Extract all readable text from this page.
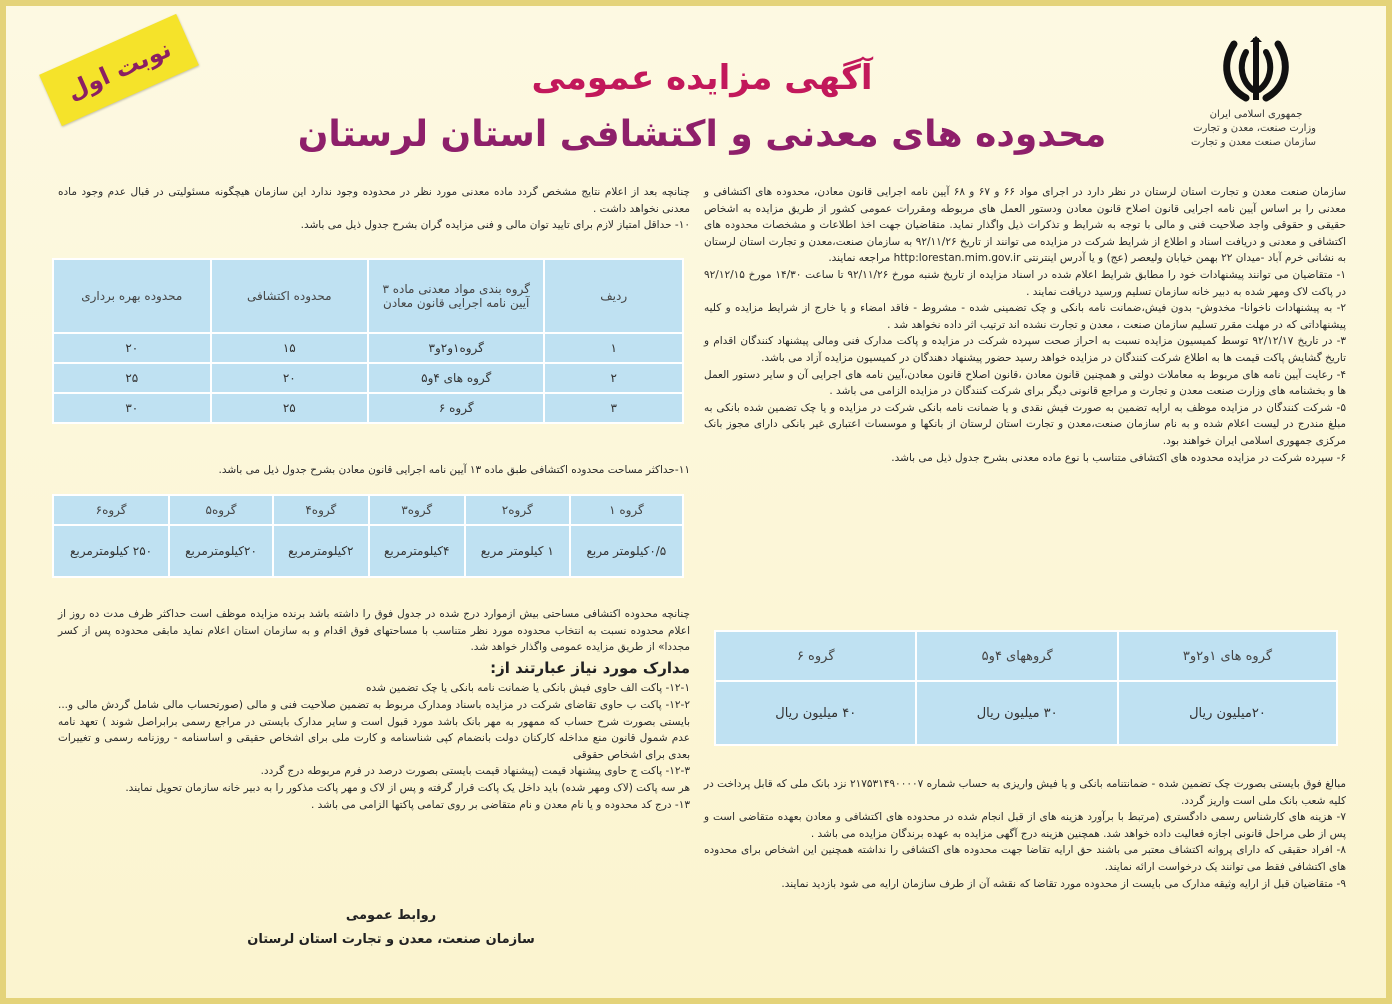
جمهوری اسلامی ایران
وزارت صنعت، معدن و تجارت
سازمان صنعت معدن و تجارت
نوبت اول	آگهی مزایده عمومی
محدوده های معدنی و اکتشافی استان لرستان

سازمان صنعت معدن و تجارت استان لرستان در نظر دارد در اجرای مواد ۶۶ و ۶۷ و ۶۸ آیین نامه اجرایی قانون معادن، محدوده های اکتشافی و معدنی را بر اساس آیین نامه اجرایی قانون اصلاح قانون معادن ودستور العمل های مربوطه ومقررات عمومی کشور از طریق مزایده به اشخاص حقیقی و حقوقی واجد صلاحیت فنی و مالی با توجه به شرایط و تذکرات ذیل واگذار نماید. متقاضیان جهت اخذ اطلاعات و مشخصات محدوده های اکتشافی و معدنی و دریافت اسناد و اطلاع از شرایط شرکت در مزایده می توانند از تاریخ ۹۲/۱۱/۲۶ به سازمان صنعت،معدن و تجارت استان لرستان به نشانی خرم آباد -میدان ۲۲ بهمن خیابان ولیعصر (عج) و یا آدرس اینترنتی http:lorestan.mim.gov.ir مراجعه نمایند.

۱- متقاضیان می توانند پیشنهادات خود را مطابق شرایط اعلام شده در اسناد مزایده از تاریخ شنبه مورخ ۹۲/۱۱/۲۶ تا ساعت ۱۴/۳۰ مورخ ۹۲/۱۲/۱۵ در پاکت لاک ومهر شده به دبیر خانه سازمان تسلیم ورسید دریافت نمایند .

۲- به پیشنهادات ناخوانا- مخدوش- بدون فیش،ضمانت نامه بانکی و چک تضمینی شده - مشروط - فاقد امضاء و یا خارج از شرایط مزایده و کلیه پیشنهاداتی که در مهلت مقرر تسلیم سازمان صنعت ، معدن و تجارت نشده اند ترتیب اثر داده نخواهد شد .

۳- در تاریخ ۹۲/۱۲/۱۷ توسط کمیسیون مزایده نسبت به احراز صحت سپرده شرکت در مزایده و پاکت مدارک فنی ومالی پیشنهاد کنندگان اقدام و تاریخ گشایش پاکت قیمت ها به اطلاع شرکت کنندگان در مزایده خواهد رسید حضور پیشنهاد دهندگان در کمیسیون مزایده آزاد می باشد.

۴- رعایت آیین نامه های مربوط به معاملات دولتی و همچنین قانون معادن ،قانون اصلاح قانون معادن،آیین نامه های اجرایی آن و سایر دستور العمل ها و بخشنامه های وزارت صنعت معدن و تجارت و مراجع قانونی دیگر برای شرکت کنندگان در مزایده الزامی می باشد .

۵- شرکت کنندگان در مزایده موظف به ارایه تضمین به صورت فیش نقدی و یا ضمانت نامه بانکی شرکت در مزایده و یا چک تضمین شده بانکی به مبلغ مندرج در لیست اعلام شده و به نام سازمان صنعت،معدن و تجارت استان لرستان از بانکها و موسسات اعتباری غیر بانکی دارای مجوز بانک مرکزی جمهوری اسلامی ایران خواهند بود.

۶- سپرده شرکت در مزایده محدوده های اکتشافی متناسب با نوع ماده معدنی بشرح جدول ذیل می باشد.

گروه های ۱و۲و۳	گروههای ۴و۵	گروه ۶
۲۰میلیون ریال	۳۰ میلیون ریال	۴۰ میلیون ریال

مبالغ فوق بایستی بصورت چک تضمین شده - ضمانتنامه بانکی و یا فیش واریزی به حساب شماره ۲۱۷۵۳۱۴۹۰۰۰۰۷ نزد بانک ملی که قابل پرداخت در کلیه شعب بانک ملی است واریز گردد.

۷- هزینه های کارشناس رسمی دادگستری (مرتبط با برآورد هزینه های از قبل انجام شده در محدوده های اکتشافی و معادن بعهده متقاضی است و پس از طی مراحل قانونی اجازه فعالیت داده خواهد شد. همچنین هزینه درج آگهی مزایده به عهده برندگان مزایده می باشد .

۸- افراد حقیقی که دارای پروانه اکتشاف معتبر می باشند حق ارایه تقاضا جهت محدوده های اکتشافی را نداشته همچنین این اشخاص برای محدوده های اکتشافی فقط می توانند یک درخواست ارائه نمایند.

۹- متقاضیان قبل از ارایه وثیقه مدارک می بایست از محدوده مورد تقاضا که نقشه آن از طرف سازمان ارایه می شود بازدید نمایند.

چنانچه بعد از اعلام نتایج مشخص گردد ماده معدنی مورد نظر در محدوده وجود ندارد این سازمان هیچگونه مسئولیتی در قبال عدم وجود ماده معدنی نخواهد داشت .

۱۰- حداقل امتیاز لازم برای تایید توان مالی و فنی مزایده گران بشرح جدول ذیل می باشد.

ردیف	گروه بندی مواد معدنی ماده ۳ آیین نامه اجرایی قانون معادن	محدوده اکتشافی	محدوده بهره برداری
۱	گروه۱و۲و۳	۱۵	۲۰
۲	گروه های ۴و۵	۲۰	۲۵
۳	گروه ۶	۲۵	۳۰

۱۱-حداکثر مساحت محدوده اکتشافی طبق ماده ۱۳ آیین نامه اجرایی قانون معادن بشرح جدول ذیل می باشد.

گروه ۱	گروه۲	گروه۳	گروه۴	گروه۵	گروه۶
۰/۵کیلومتر مربع	۱ کیلومتر مربع	۴کیلومترمربع	۲کیلومترمربع	۲۰کیلومترمربع	۲۵۰ کیلومترمربع

چنانچه محدوده اکتشافی مساحتی بیش ازموارد درج شده در جدول فوق را داشته باشد برنده مزایده موظف است حداکثر ظرف مدت ده روز از اعلام محدوده نسبت به انتخاب محدوده مورد نظر متناسب با مساحتهای فوق اقدام و به سازمان استان اعلام نماید مابقی محدوده پس از کسر مجددا» از طریق مزایده عمومی واگذار خواهد شد.

مدارک مورد نیاز عبارتند از:

۱۲-۱- پاکت الف حاوی فیش بانکی یا ضمانت نامه بانکی یا چک تضمین شده

۱۲-۲- پاکت ب حاوی تقاضای شرکت در مزایده باسناد ومدارک مربوط به تضمین صلاحیت فنی و مالی (صورتحساب مالی شامل گردش مالی و... بایستی بصورت شرح حساب که ممهور به مهر بانک باشد مورد قبول است و سایر مدارک بایستی در مراجع رسمی برابراصل شوند ) تعهد نامه عدم شمول قانون منع مداخله کارکنان دولت بانضمام کپی شناسنامه و کارت ملی برای اشخاص حقیقی و اساسنامه - روزنامه رسمی و تغییرات بعدی برای اشخاص حقوقی

۱۲-۳- پاکت ج حاوی پیشنهاد قیمت (پیشنهاد قیمت بایستی بصورت درصد در فرم مربوطه درج گردد.

هر سه پاکت (لاک ومهر شده) باید داخل یک پاکت قرار گرفته و پس از لاک و مهر پاکت مذکور را به دبیر خانه سازمان تحویل نمایند.

۱۳- درج کد محدوده و یا نام معدن و نام متقاضی بر روی تمامی پاکتها الزامی می باشد .

روابط عمومی
سازمان صنعت، معدن و تجارت استان لرستان
